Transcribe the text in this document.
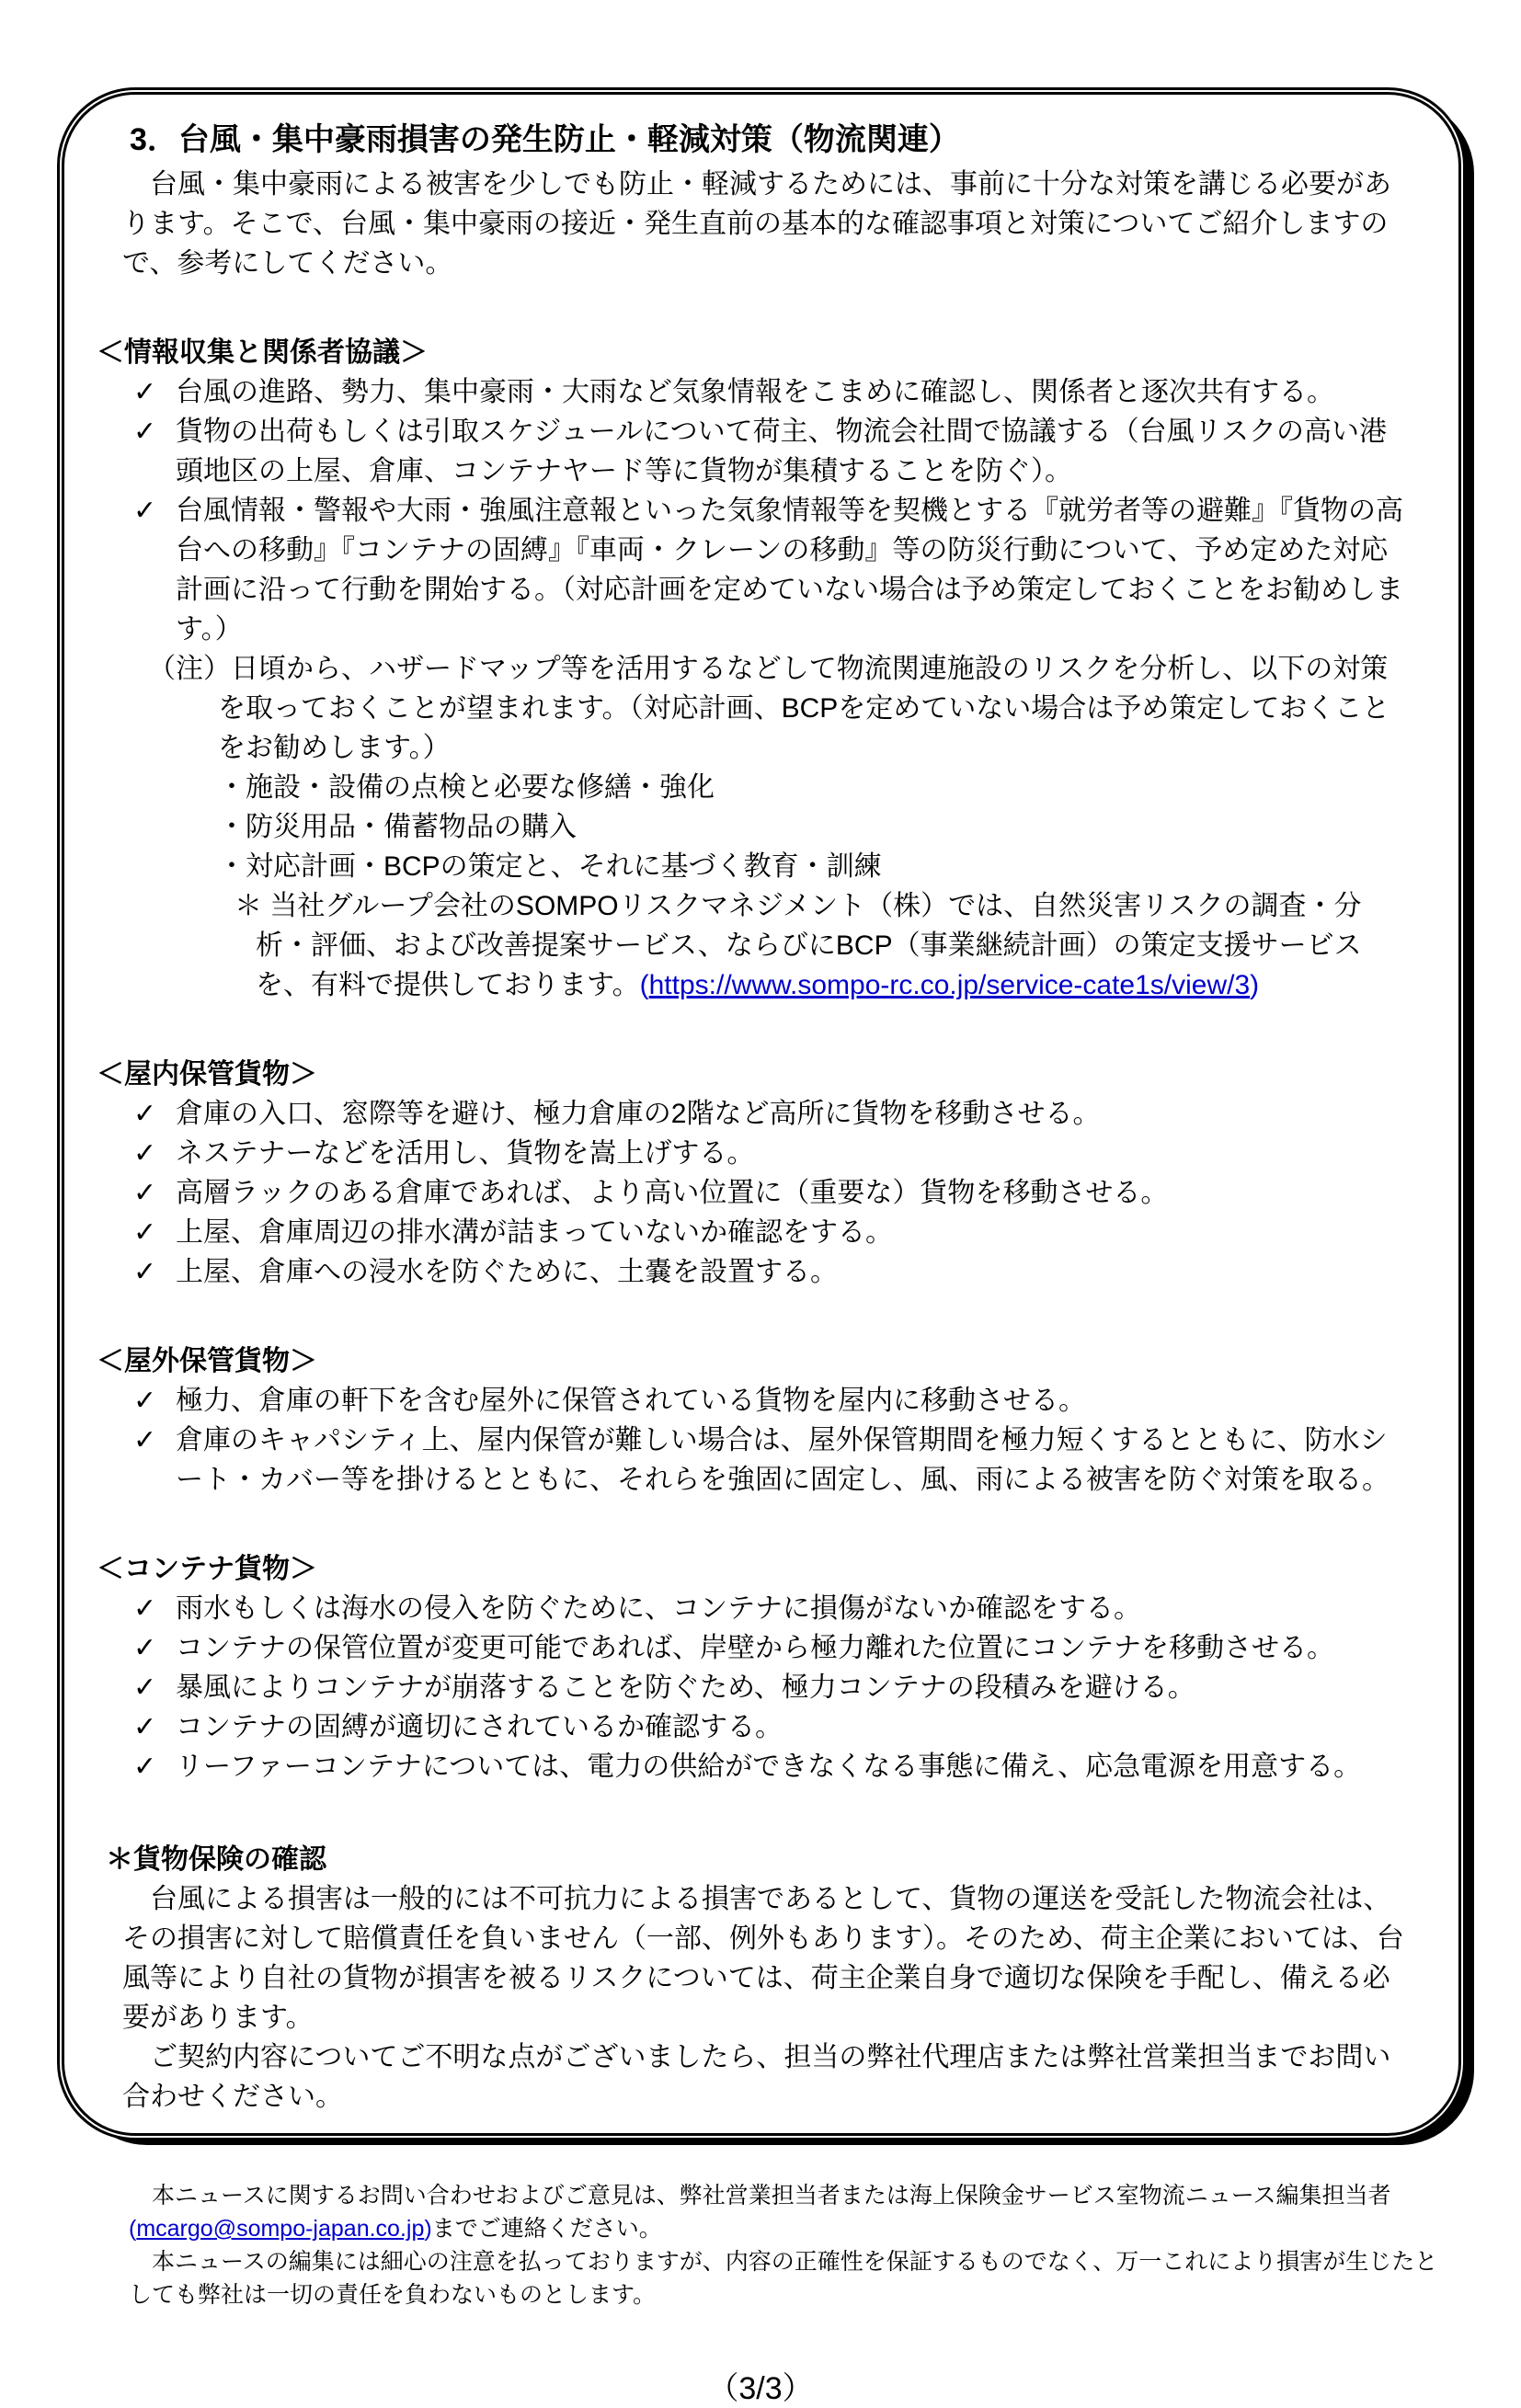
3．台風・集中豪雨損害の発生防止・軽減対策（物流関連）
　台風・集中豪雨による被害を少しでも防止・軽減するためには、事前に十分な対策を講じる必要があります。そこで、台風・集中豪雨の接近・発生直前の基本的な確認事項と対策についてご紹介しますので、参考にしてください。
＜情報収集と関係者協議＞
✓ 台風の進路、勢力、集中豪雨・大雨など気象情報をこまめに確認し、関係者と逐次共有する。
✓ 貨物の出荷もしくは引取スケジュールについて荷主、物流会社間で協議する（台風リスクの高い港頭地区の上屋、倉庫、コンテナヤード等に貨物が集積することを防ぐ）。
✓ 台風情報・警報や大雨・強風注意報といった気象情報等を契機とする『就労者等の避難』『貨物の高台への移動』『コンテナの固縛』『車両・クレーンの移動』等の防災行動について、予め定めた対応計画に沿って行動を開始する。（対応計画を定めていない場合は予め策定しておくことをお勧めします。）
（注）日頃から、ハザードマップ等を活用するなどして物流関連施設のリスクを分析し、以下の対策を取っておくことが望まれます。（対応計画、BCPを定めていない場合は予め策定しておくことをお勧めします。）
・施設・設備の点検と必要な修繕・強化
・防災用品・備蓄物品の購入
・対応計画・BCPの策定と、それに基づく教育・訓練
＊ 当社グループ会社のSOMPOリスクマネジメント（株）では、自然災害リスクの調査・分析・評価、および改善提案サービス、ならびにBCP（事業継続計画）の策定支援サービスを、有料で提供しております。(https://www.sompo-rc.co.jp/service-cate1s/view/3)
＜屋内保管貨物＞
✓ 倉庫の入口、窓際等を避け、極力倉庫の2階など高所に貨物を移動させる。
✓ ネステナーなどを活用し、貨物を嵩上げする。
✓ 高層ラックのある倉庫であれば、より高い位置に（重要な）貨物を移動させる。
✓ 上屋、倉庫周辺の排水溝が詰まっていないか確認をする。
✓ 上屋、倉庫への浸水を防ぐために、土嚢を設置する。
＜屋外保管貨物＞
✓ 極力、倉庫の軒下を含む屋外に保管されている貨物を屋内に移動させる。
✓ 倉庫のキャパシティ上、屋内保管が難しい場合は、屋外保管期間を極力短くするとともに、防水シート・カバー等を掛けるとともに、それらを強固に固定し、風、雨による被害を防ぐ対策を取る。
＜コンテナ貨物＞
✓ 雨水もしくは海水の侵入を防ぐために、コンテナに損傷がないか確認をする。
✓ コンテナの保管位置が変更可能であれば、岸壁から極力離れた位置にコンテナを移動させる。
✓ 暴風によりコンテナが崩落することを防ぐため、極力コンテナの段積みを避ける。
✓ コンテナの固縛が適切にされているか確認する。
✓ リーファーコンテナについては、電力の供給ができなくなる事態に備え、応急電源を用意する。
＊貨物保険の確認
　台風による損害は一般的には不可抗力による損害であるとして、貨物の運送を受託した物流会社は、その損害に対して賠償責任を負いません（一部、例外もあります）。そのため、荷主企業においては、台風等により自社の貨物が損害を被るリスクについては、荷主企業自身で適切な保険を手配し、備える必要があります。
　ご契約内容についてご不明な点がございましたら、担当の弊社代理店または弊社営業担当までお問い合わせください。

　本ニュースに関するお問い合わせおよびご意見は、弊社営業担当者または海上保険金サービス室物流ニュース編集担当者(mcargo@sompo-japan.co.jp)までご連絡ください。

　本ニュースの編集には細心の注意を払っておりますが、内容の正確性を保証するものでなく、万一これにより損害が生じたとしても弊社は一切の責任を負わないものとします。

（3/3）
